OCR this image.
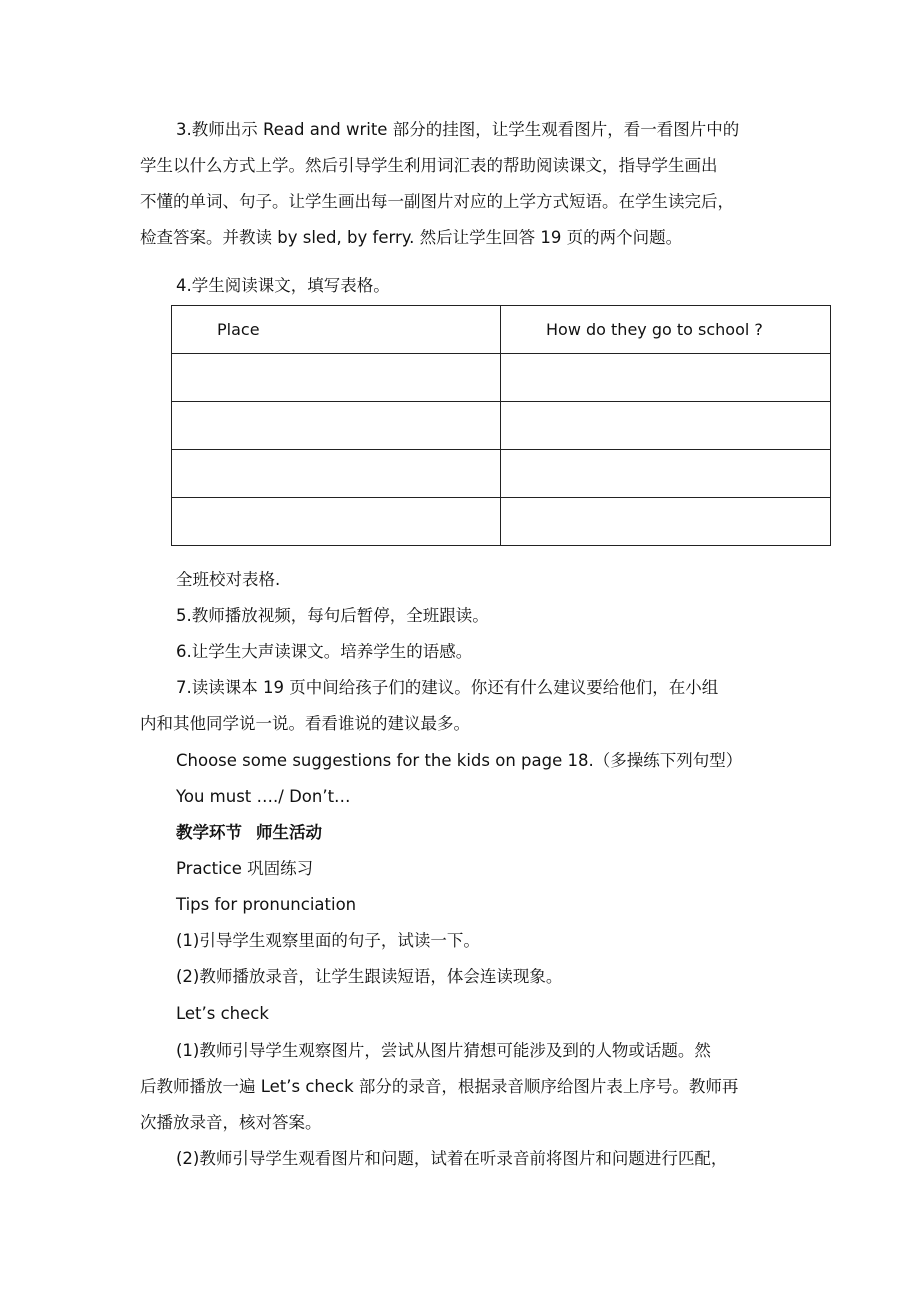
3.教师出示 Read and write 部分的挂图，让学生观看图片，看一看图片中的
学生以什么方式上学。然后引导学生利用词汇表的帮助阅读课文，指导学生画出
不懂的单词、句子。让学生画出每一副图片对应的上学方式短语。在学生读完后，
检查答案。并教读 by sled, by ferry. 然后让学生回答 19 页的两个问题。
4.学生阅读课文，填写表格。
Place	How do they go to school ?

全班校对表格.
5.教师播放视频，每句后暂停，全班跟读。
6.让学生大声读课文。培养学生的语感。
7.读读课本 19 页中间给孩子们的建议。你还有什么建议要给他们，在小组
内和其他同学说一说。看看谁说的建议最多。
Choose some suggestions for the kids on page 18.（多操练下列句型）
You must …./ Don’t…
教学环节 师生活动
Practice 巩固练习
Tips for pronunciation
(1)引导学生观察里面的句子，试读一下。
(2)教师播放录音，让学生跟读短语，体会连读现象。
Let’s check
(1)教师引导学生观察图片，尝试从图片猜想可能涉及到的人物或话题。然
后教师播放一遍 Let’s check 部分的录音，根据录音顺序给图片表上序号。教师再
次播放录音，核对答案。
(2)教师引导学生观看图片和问题，试着在听录音前将图片和问题进行匹配，
